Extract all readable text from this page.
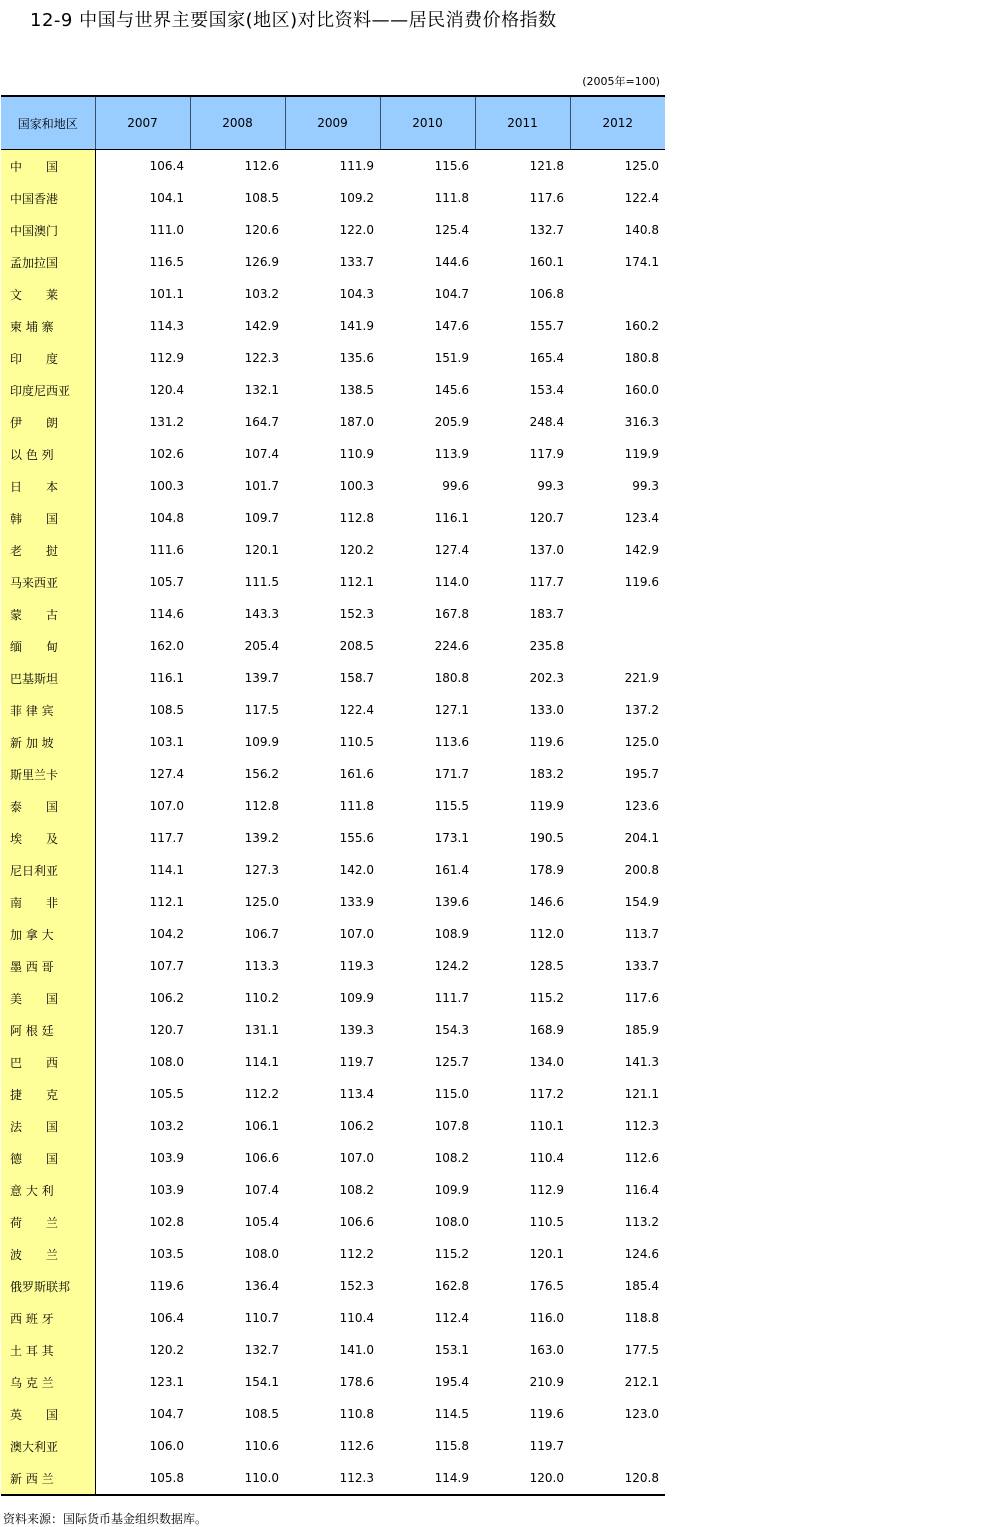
12-9 中国与世界主要国家(地区)对比资料——居民消费价格指数
(2005年=100)
国家和地区	2007	2008	2009	2010	2011	2012
中　　国	106.4	112.6	111.9	115.6	121.8	125.0
中国香港	104.1	108.5	109.2	111.8	117.6	122.4
中国澳门	111.0	120.6	122.0	125.4	132.7	140.8
孟加拉国	116.5	126.9	133.7	144.6	160.1	174.1
文　　莱	101.1	103.2	104.3	104.7	106.8	
柬 埔 寨	114.3	142.9	141.9	147.6	155.7	160.2
印　　度	112.9	122.3	135.6	151.9	165.4	180.8
印度尼西亚	120.4	132.1	138.5	145.6	153.4	160.0
伊　　朗	131.2	164.7	187.0	205.9	248.4	316.3
以 色 列	102.6	107.4	110.9	113.9	117.9	119.9
日　　本	100.3	101.7	100.3	99.6	99.3	99.3
韩　　国	104.8	109.7	112.8	116.1	120.7	123.4
老　　挝	111.6	120.1	120.2	127.4	137.0	142.9
马来西亚	105.7	111.5	112.1	114.0	117.7	119.6
蒙　　古	114.6	143.3	152.3	167.8	183.7	
缅　　甸	162.0	205.4	208.5	224.6	235.8	
巴基斯坦	116.1	139.7	158.7	180.8	202.3	221.9
菲 律 宾	108.5	117.5	122.4	127.1	133.0	137.2
新 加 坡	103.1	109.9	110.5	113.6	119.6	125.0
斯里兰卡	127.4	156.2	161.6	171.7	183.2	195.7
泰　　国	107.0	112.8	111.8	115.5	119.9	123.6
埃　　及	117.7	139.2	155.6	173.1	190.5	204.1
尼日利亚	114.1	127.3	142.0	161.4	178.9	200.8
南　　非	112.1	125.0	133.9	139.6	146.6	154.9
加 拿 大	104.2	106.7	107.0	108.9	112.0	113.7
墨 西 哥	107.7	113.3	119.3	124.2	128.5	133.7
美　　国	106.2	110.2	109.9	111.7	115.2	117.6
阿 根 廷	120.7	131.1	139.3	154.3	168.9	185.9
巴　　西	108.0	114.1	119.7	125.7	134.0	141.3
捷　　克	105.5	112.2	113.4	115.0	117.2	121.1
法　　国	103.2	106.1	106.2	107.8	110.1	112.3
德　　国	103.9	106.6	107.0	108.2	110.4	112.6
意 大 利	103.9	107.4	108.2	109.9	112.9	116.4
荷　　兰	102.8	105.4	106.6	108.0	110.5	113.2
波　　兰	103.5	108.0	112.2	115.2	120.1	124.6
俄罗斯联邦	119.6	136.4	152.3	162.8	176.5	185.4
西 班 牙	106.4	110.7	110.4	112.4	116.0	118.8
土 耳 其	120.2	132.7	141.0	153.1	163.0	177.5
乌 克 兰	123.1	154.1	178.6	195.4	210.9	212.1
英　　国	104.7	108.5	110.8	114.5	119.6	123.0
澳大利亚	106.0	110.6	112.6	115.8	119.7	
新 西 兰	105.8	110.0	112.3	114.9	120.0	120.8
资料来源：国际货币基金组织数据库。
